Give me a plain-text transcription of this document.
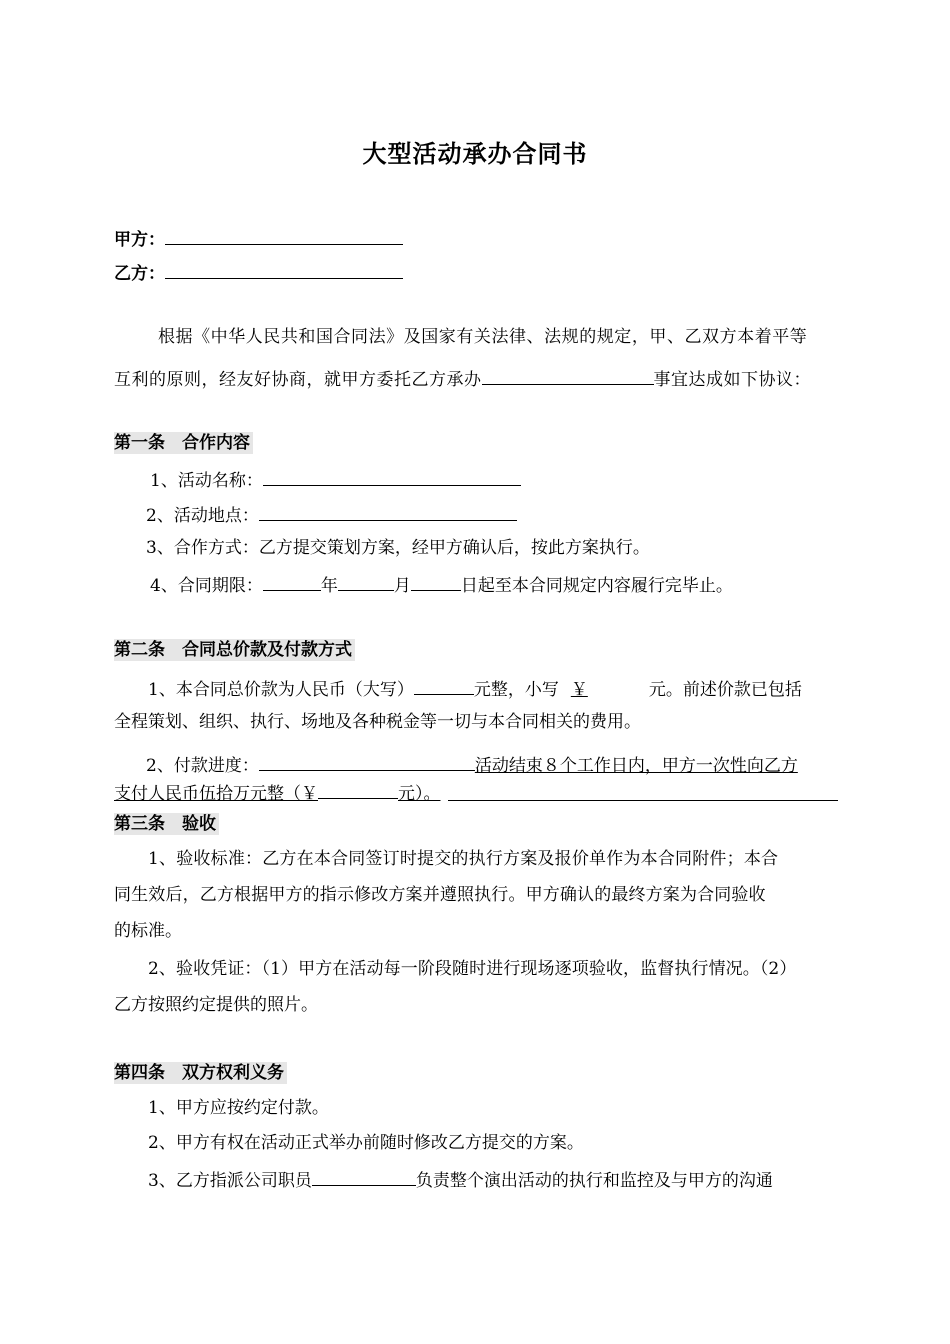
大型活动承办合同书
甲方：
乙方：
根据《中华人民共和国合同法》及国家有关法律、法规的规定，甲、乙双方本着平等
互利的原则，经友好协商，就甲方委托乙方承办	事宜达成如下协议：
第一条　合作内容
1、活动名称：
2、活动地点：
3、合作方式：乙方提交策划方案，经甲方确认后，按此方案执行。
4、合同期限：	年	月	日起至本合同规定内容履行完毕止。
第二条　合同总价款及付款方式
1、本合同总价款为人民币（大写）	元整，小写 ￥	元。前述价款已包括
全程策划、组织、执行、场地及各种税金等一切与本合同相关的费用。
2、付款进度：	活动结束８个工作日内，甲方一次性向乙方
支付人民币伍拾万元整（￥	元）。
第三条　验收
1、验收标准：乙方在本合同签订时提交的执行方案及报价单作为本合同附件；本合
同生效后，乙方根据甲方的指示修改方案并遵照执行。甲方确认的最终方案为合同验收
的标准。
2、验收凭证：（1）甲方在活动每一阶段随时进行现场逐项验收，监督执行情况。（2）
乙方按照约定提供的照片。
第四条　双方权利义务
1、甲方应按约定付款。
2、甲方有权在活动正式举办前随时修改乙方提交的方案。
3、乙方指派公司职员	负责整个演出活动的执行和监控及与甲方的沟通
